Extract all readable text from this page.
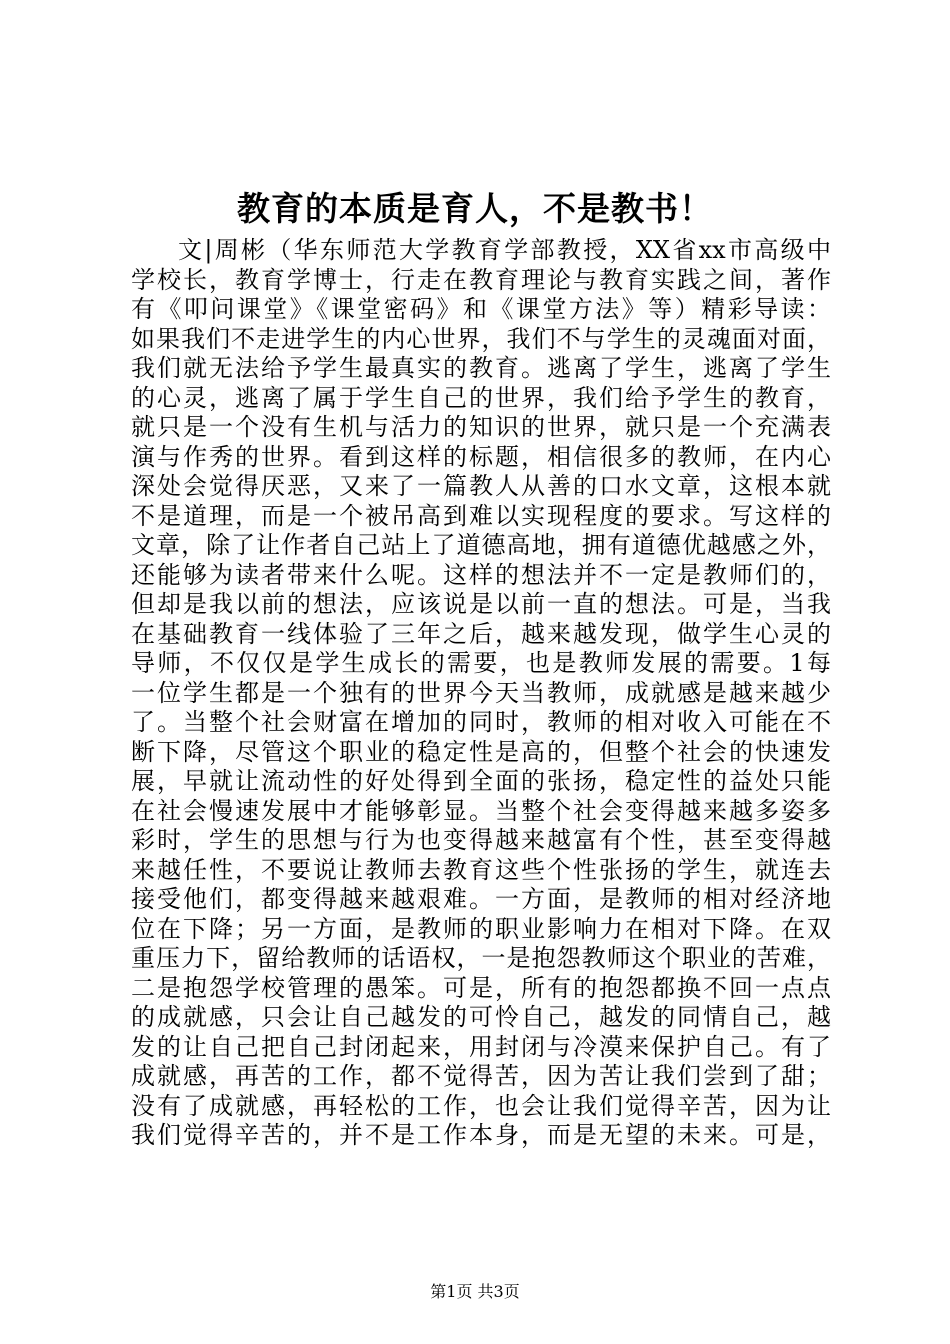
教育的本质是育人，不是教书！
文|周彬（华东师范大学教育学部教授，XX省xx市高级中
学校长，教育学博士，行走在教育理论与教育实践之间，著作
有《叩问课堂》《课堂密码》和《课堂方法》等）精彩导读：
如果我们不走进学生的内心世界，我们不与学生的灵魂面对面，
我们就无法给予学生最真实的教育。逃离了学生，逃离了学生
的心灵，逃离了属于学生自己的世界，我们给予学生的教育，
就只是一个没有生机与活力的知识的世界，就只是一个充满表
演与作秀的世界。看到这样的标题，相信很多的教师，在内心
深处会觉得厌恶，又来了一篇教人从善的口水文章，这根本就
不是道理，而是一个被吊高到难以实现程度的要求。写这样的
文章，除了让作者自己站上了道德高地，拥有道德优越感之外，
还能够为读者带来什么呢。这样的想法并不一定是教师们的，
但却是我以前的想法，应该说是以前一直的想法。可是，当我
在基础教育一线体验了三年之后，越来越发现，做学生心灵的
导师，不仅仅是学生成长的需要，也是教师发展的需要。1每
一位学生都是一个独有的世界今天当教师，成就感是越来越少
了。当整个社会财富在增加的同时，教师的相对收入可能在不
断下降，尽管这个职业的稳定性是高的，但整个社会的快速发
展，早就让流动性的好处得到全面的张扬，稳定性的益处只能
在社会慢速发展中才能够彰显。当整个社会变得越来越多姿多
彩时，学生的思想与行为也变得越来越富有个性，甚至变得越
来越任性，不要说让教师去教育这些个性张扬的学生，就连去
接受他们，都变得越来越艰难。一方面，是教师的相对经济地
位在下降；另一方面，是教师的职业影响力在相对下降。在双
重压力下，留给教师的话语权，一是抱怨教师这个职业的苦难，
二是抱怨学校管理的愚笨。可是，所有的抱怨都换不回一点点
的成就感，只会让自己越发的可怜自己，越发的同情自己，越
发的让自己把自己封闭起来，用封闭与冷漠来保护自己。有了
成就感，再苦的工作，都不觉得苦，因为苦让我们尝到了甜；
没有了成就感，再轻松的工作，也会让我们觉得辛苦，因为让
我们觉得辛苦的，并不是工作本身，而是无望的未来。可是，
第1页 共3页
